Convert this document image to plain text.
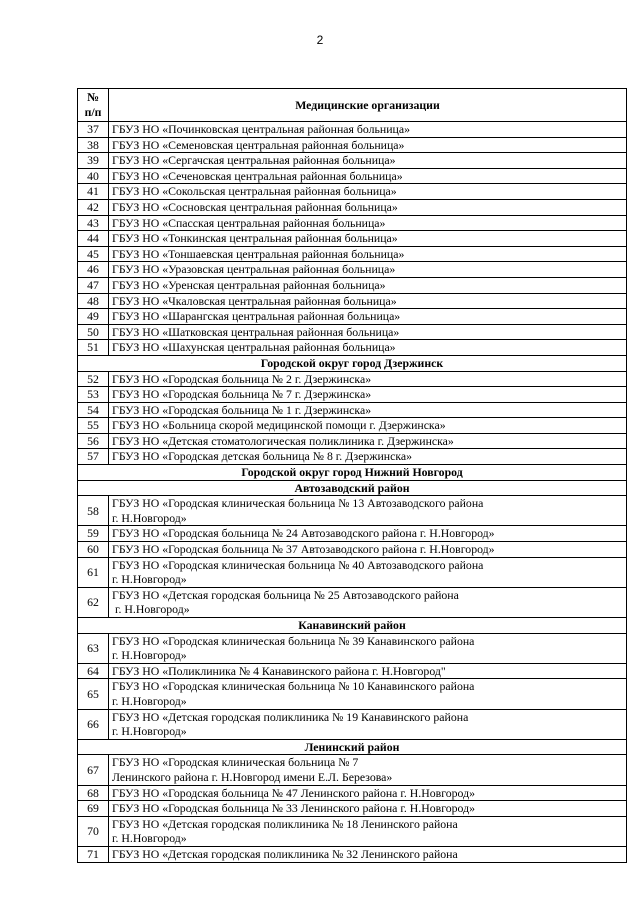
2
№ п/п	Медицинские организации
37	ГБУЗ НО «Починковская центральная районная больница»
38	ГБУЗ НО «Семеновская центральная районная больница»
39	ГБУЗ НО «Сергачская центральная районная больница»
40	ГБУЗ НО «Сеченовская центральная районная больница»
41	ГБУЗ НО «Сокольская центральная районная больница»
42	ГБУЗ НО «Сосновская центральная районная больница»
43	ГБУЗ НО «Спасская центральная районная больница»
44	ГБУЗ НО «Тонкинская центральная районная больница»
45	ГБУЗ НО «Тоншаевская центральная районная больница»
46	ГБУЗ НО «Уразовская центральная районная больница»
47	ГБУЗ НО «Уренская центральная районная больница»
48	ГБУЗ НО «Чкаловская центральная районная больница»
49	ГБУЗ НО «Шарангская центральная районная больница»
50	ГБУЗ НО «Шатковская центральная районная больница»
51	ГБУЗ НО «Шахунская центральная районная больница»
Городской округ город Дзержинск	
52	ГБУЗ НО «Городская больница № 2 г. Дзержинска»
53	ГБУЗ НО «Городская больница № 7 г. Дзержинска»
54	ГБУЗ НО «Городская больница № 1 г. Дзержинска»
55	ГБУЗ НО «Больница скорой медицинской помощи г. Дзержинска»
56	ГБУЗ НО «Детская стоматологическая поликлиника г. Дзержинска»
57	ГБУЗ НО «Городская детская больница № 8 г. Дзержинска»
Городской округ город Нижний Новгород	
Автозаводский район	
58	ГБУЗ НО «Городская клиническая больница № 13 Автозаводского района
г. Н.Новгород»
59	ГБУЗ НО «Городская больница № 24 Автозаводского района г. Н.Новгород»
60	ГБУЗ НО «Городская больница № 37 Автозаводского района г. Н.Новгород»
61	ГБУЗ НО «Городская клиническая больница № 40 Автозаводского района
г. Н.Новгород»
62	ГБУЗ НО «Детская городская больница № 25 Автозаводского района
г. Н.Новгород»
Канавинский район	
63	ГБУЗ НО «Городская клиническая больница № 39 Канавинского района
г. Н.Новгород»
64	ГБУЗ НО «Поликлиника № 4 Канавинского района г. Н.Новгород"
65	ГБУЗ НО «Городская клиническая больница № 10 Канавинского района
г. Н.Новгород»
66	ГБУЗ НО «Детская городская поликлиника № 19 Канавинского района
г. Н.Новгород»
Ленинский район	
67	ГБУЗ НО «Городская клиническая больница № 7
Ленинского района г. Н.Новгород имени Е.Л. Березова»
68	ГБУЗ НО «Городская больница № 47 Ленинского района г. Н.Новгород»
69	ГБУЗ НО «Городская больница № 33 Ленинского района г. Н.Новгород»
70	ГБУЗ НО «Детская городская поликлиника № 18 Ленинского района
г. Н.Новгород»
71	ГБУЗ НО «Детская городская поликлиника № 32 Ленинского района
